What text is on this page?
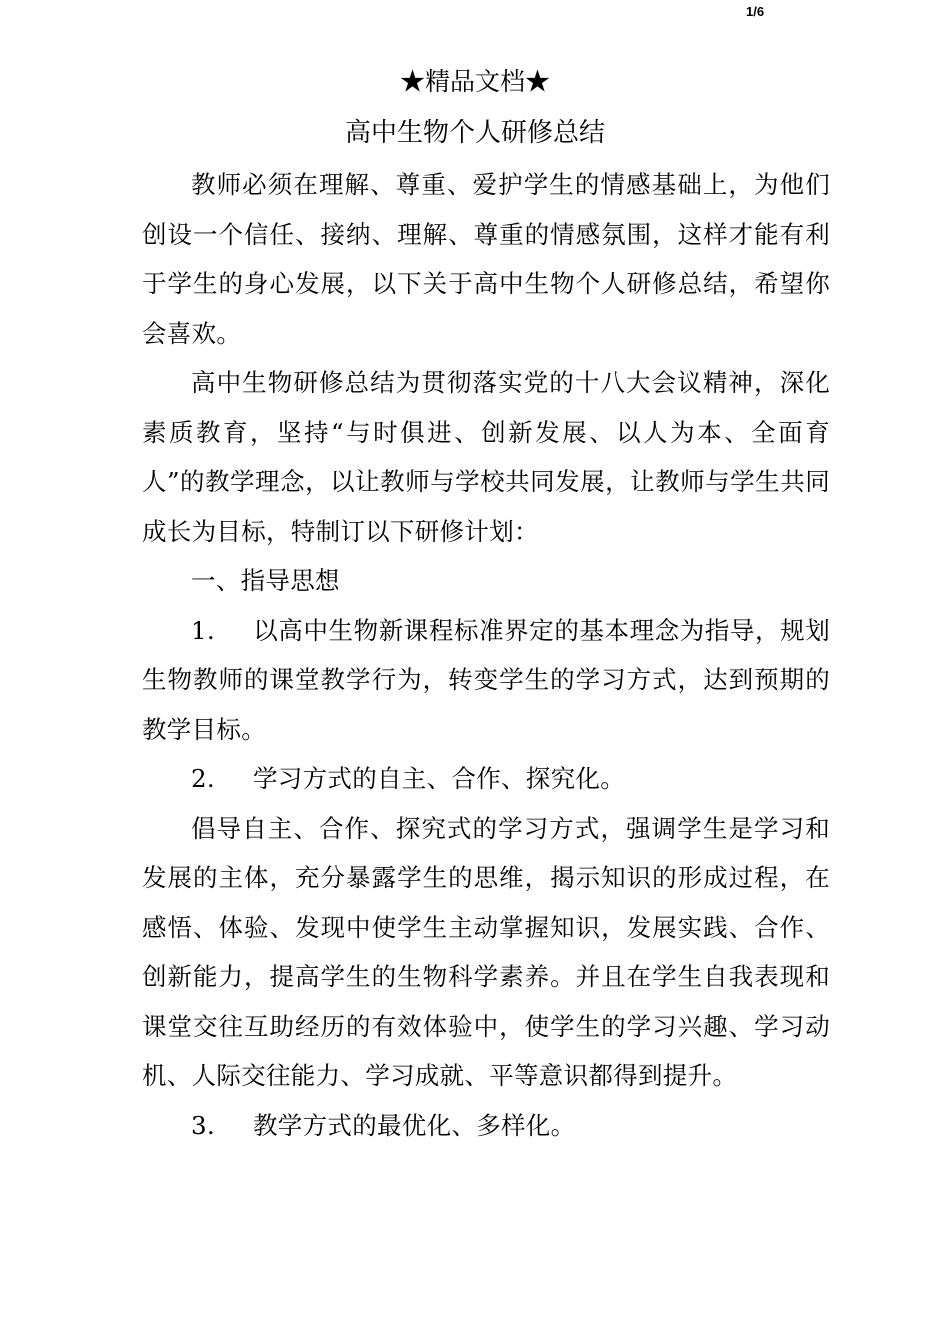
1/6
★精品文档★
高中生物个人研修总结

教师必须在理解、尊重、爱护学生的情感基础上，为他们创设一个信任、接纳、理解、尊重的情感氛围，这样才能有利于学生的身心发展，以下关于高中生物个人研修总结，希望你会喜欢。

高中生物研修总结为贯彻落实党的十八大会议精神，深化素质教育，坚持“与时俱进、创新发展、以人为本、全面育人”的教学理念，以让教师与学校共同发展，让教师与学生共同成长为目标，特制订以下研修计划：

一、指导思想

1. 以高中生物新课程标准界定的基本理念为指导，规划生物教师的课堂教学行为，转变学生的学习方式，达到预期的教学目标。

2. 学习方式的自主、合作、探究化。

倡导自主、合作、探究式的学习方式，强调学生是学习和发展的主体，充分暴露学生的思维，揭示知识的形成过程，在感悟、体验、发现中使学生主动掌握知识，发展实践、合作、创新能力，提高学生的生物科学素养。并且在学生自我表现和课堂交往互助经历的有效体验中，使学生的学习兴趣、学习动机、人际交往能力、学习成就、平等意识都得到提升。

3. 教学方式的最优化、多样化。
